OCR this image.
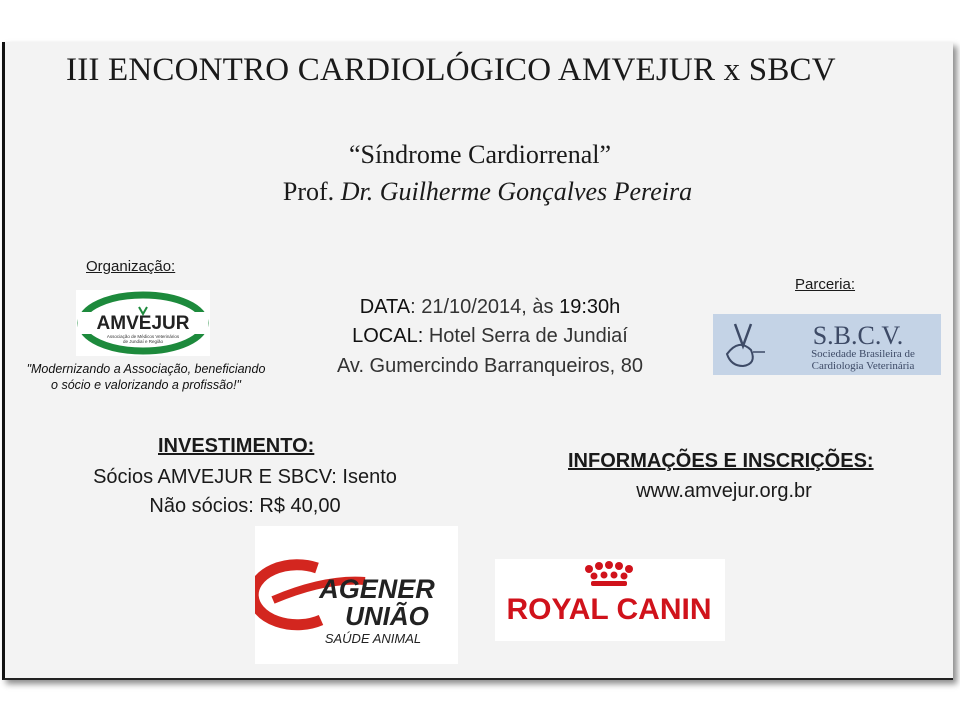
III ENCONTRO CARDIOLÓGICO AMVEJUR x SBCV
“Síndrome Cardiorrenal”
Prof. Dr. Guilherme Gonçalves Pereira
Organização:
AMVEJUR
Associação de Médicos Veterinários
de Jundiaí e Região
"Modernizando a Associação, beneficiando o sócio e valorizando a profissão!"
DATA: 21/10/2014, às 19:30h
LOCAL: Hotel Serra de Jundiaí
Av. Gumercindo Barranqueiros, 80
Parceria:
S.B.C.V.
Sociedade Brasileira de
Cardiologia Veterinária
INVESTIMENTO:
Sócios AMVEJUR E SBCV: Isento
Não sócios: R$ 40,00
INFORMAÇÕES E INSCRIÇÕES:
www.amvejur.org.br
AGENER
UNIÃO
SAÚDE ANIMAL
ROYAL CANIN
